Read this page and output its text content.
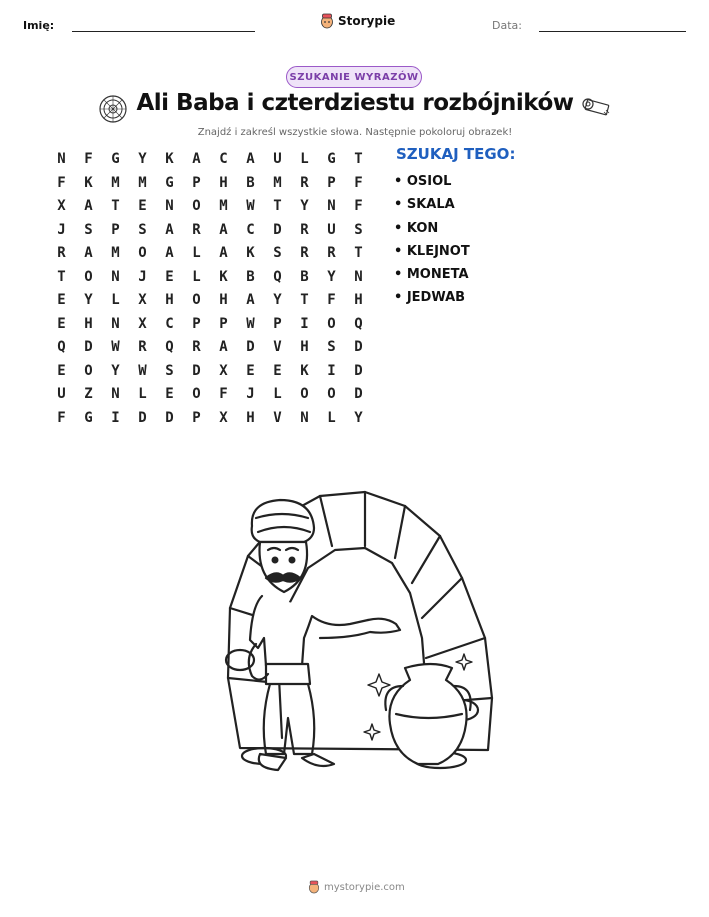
Imię:	Storypie	Data:
SZUKANIE WYRAZÓW
Ali Baba i czterdziestu rozbójników
Znajdź i zakreśl wszystkie słowa. Następnie pokoloruj obrazek!
N	F	G	Y	K	A	C	A	U	L	G	T
F	K	M	M	G	P	H	B	M	R	P	F
X	A	T	E	N	O	M	W	T	Y	N	F
J	S	P	S	A	R	A	C	D	R	U	S
R	A	M	O	A	L	A	K	S	R	R	T
T	O	N	J	E	L	K	B	Q	B	Y	N
E	Y	L	X	H	O	H	A	Y	T	F	H
E	H	N	X	C	P	P	W	P	I	O	Q
Q	D	W	R	Q	R	A	D	V	H	S	D
E	O	Y	W	S	D	X	E	E	K	I	D
U	Z	N	L	E	O	F	J	L	O	O	D
F	G	I	D	D	P	X	H	V	N	L	Y
SZUKAJ TEGO:
• OSIOL
• SKALA
• KON
• KLEJNOT
• MONETA
• JEDWAB
mystorypie.com
